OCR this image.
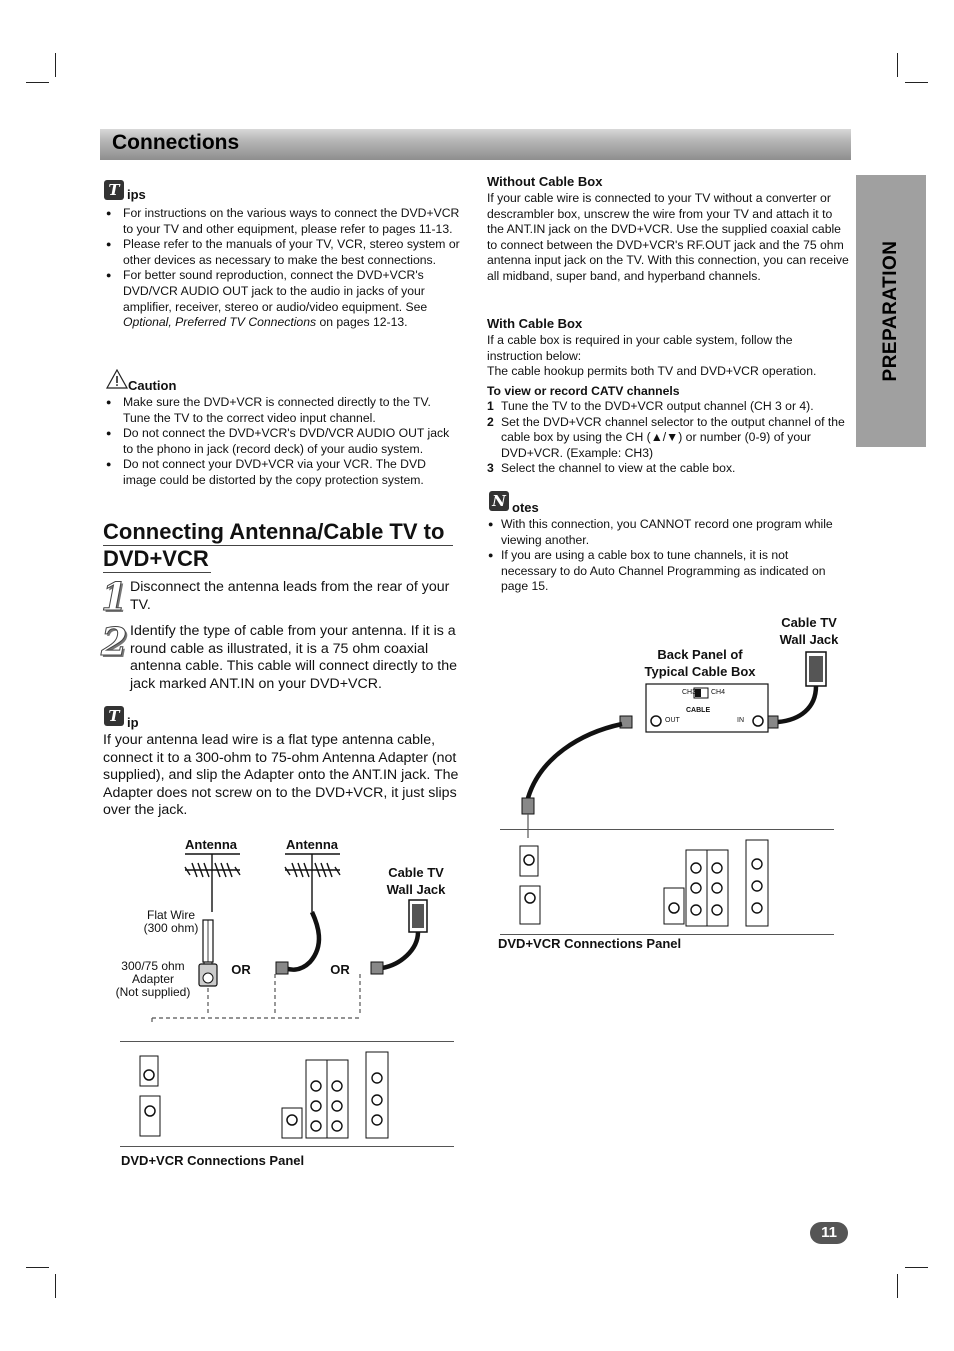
Connections
PREPARATION
T ips
● For instructions on the various ways to connect the DVD+VCR to your TV and other equipment, please refer to pages 11-13.
● Please refer to the manuals of your TV, VCR, stereo system or other devices as necessary to make the best connections.
● For better sound reproduction, connect the DVD+VCR's DVD/VCR AUDIO OUT jack to the audio in jacks of your amplifier, receiver, stereo or audio/video equipment. See Optional, Preferred TV Connections on pages 12-13.
Caution
● Make sure the DVD+VCR is connected directly to the TV. Tune the TV to the correct video input channel.
● Do not connect the DVD+VCR's DVD/VCR AUDIO OUT jack to the phono in jack (record deck) of your audio system.
● Do not connect your DVD+VCR via your VCR. The DVD image could be distorted by the copy protection system.
Connecting Antenna/Cable TV to DVD+VCR
1 Disconnect the antenna leads from the rear of your TV.
2 Identify the type of cable from your antenna. If it is a round cable as illustrated, it is a 75 ohm coaxial antenna cable. This cable will connect directly to the jack marked ANT.IN on your DVD+VCR.
T ip
If your antenna lead wire is a flat type antenna cable, connect it to a 300-ohm to 75-ohm Antenna Adapter (not supplied), and slip the Adapter onto the ANT.IN jack. The Adapter does not screw on to the DVD+VCR, it just slips over the jack.
Antenna	Antenna
Cable TV
Wall Jack
Flat Wire
(300 ohm)
300/75 ohm
Adapter
(Not supplied)
OR	OR
DVD+VCR Connections Panel
Without Cable Box
If your cable wire is connected to your TV without a converter or descrambler box, unscrew the wire from your TV and attach it to the ANT.IN jack on the DVD+VCR. Use the supplied coaxial cable to connect between the DVD+VCR's RF.OUT jack and the 75 ohm antenna input jack on the TV. With this connection, you can receive all midband, super band, and hyperband channels.
With Cable Box
If a cable box is required in your cable system, follow the instruction below:
The cable hookup permits both TV and DVD+VCR operation.
To view or record CATV channels
1 Tune the TV to the DVD+VCR output channel (CH 3 or 4).
2 Set the DVD+VCR channel selector to the output channel of the cable box by using the CH (▲/▼) or number (0-9) of your DVD+VCR. (Example: CH3)
3 Select the channel to view at the cable box.
N otes
● With this connection, you CANNOT record one program while viewing another.
● If you are using a cable box to tune channels, it is not necessary to do Auto Channel Programming as indicated on page 15.
Cable TV
Wall Jack
Back Panel of
Typical Cable Box
CH3 CH4
CABLE
OUT	IN
DVD+VCR Connections Panel
11
